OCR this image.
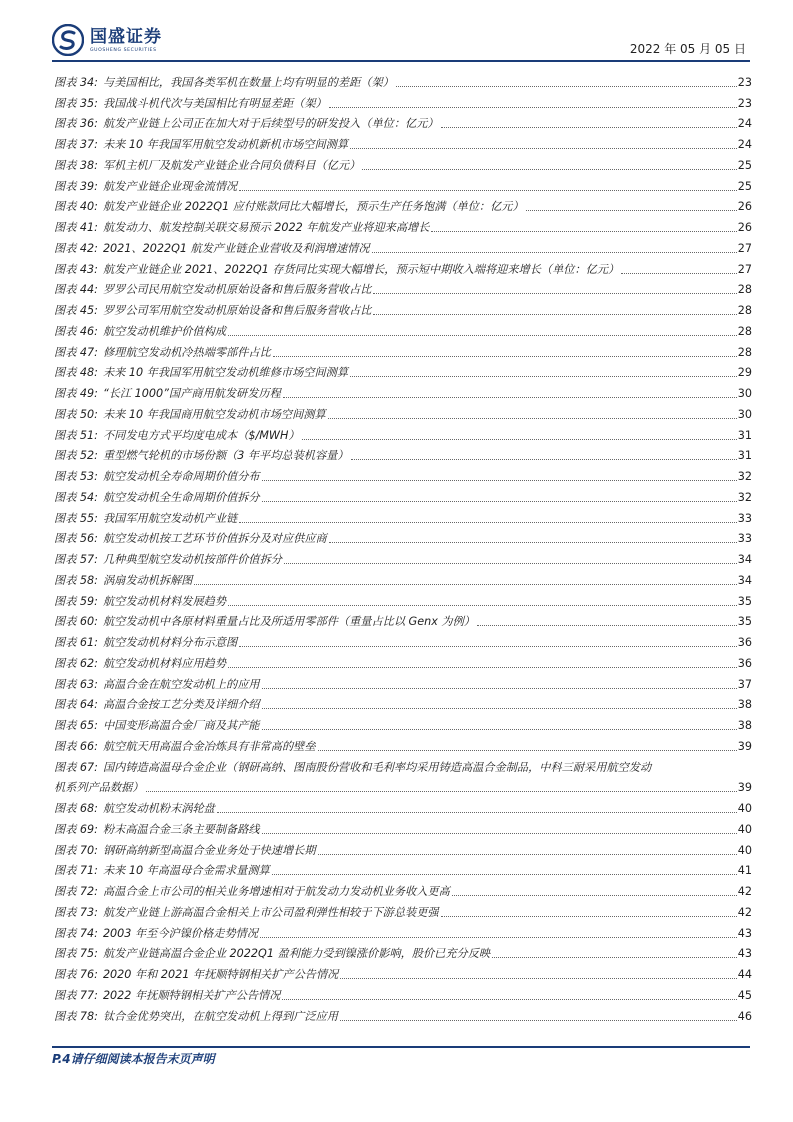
国盛证券
GUOSHENG SECURITIES	2022 年 05 月 05 日
图表 34: 与美国相比，我国各类军机在数量上均有明显的差距（架）	23
图表 35: 我国战斗机代次与美国相比有明显差距（架）	23
图表 36: 航发产业链上公司正在加大对于后续型号的研发投入（单位：亿元）	24
图表 37: 未来 10 年我国军用航空发动机新机市场空间测算	24
图表 38: 军机主机厂及航发产业链企业合同负债科目（亿元）	25
图表 39: 航发产业链企业现金流情况	25
图表 40: 航发产业链企业 2022Q1 应付账款同比大幅增长，预示生产任务饱满（单位：亿元）	26
图表 41: 航发动力、航发控制关联交易预示 2022 年航发产业将迎来高增长	26
图表 42: 2021、2022Q1 航发产业链企业营收及利润增速情况	27
图表 43: 航发产业链企业 2021、2022Q1 存货同比实现大幅增长，预示短中期收入端将迎来增长（单位：亿元）	27
图表 44: 罗罗公司民用航空发动机原始设备和售后服务营收占比	28
图表 45: 罗罗公司军用航空发动机原始设备和售后服务营收占比	28
图表 46: 航空发动机维护价值构成	28
图表 47: 修理航空发动机冷热端零部件占比	28
图表 48: 未来 10 年我国军用航空发动机维修市场空间测算	29
图表 49: “长江 1000”国产商用航发研发历程	30
图表 50: 未来 10 年我国商用航空发动机市场空间测算	30
图表 51: 不同发电方式平均度电成本（$/MWH）	31
图表 52: 重型燃气轮机的市场份额（3 年平均总装机容量）	31
图表 53: 航空发动机全寿命周期价值分布	32
图表 54: 航空发动机全生命周期价值拆分	32
图表 55: 我国军用航空发动机产业链	33
图表 56: 航空发动机按工艺环节价值拆分及对应供应商	33
图表 57: 几种典型航空发动机按部件价值拆分	34
图表 58: 涡扇发动机拆解图	34
图表 59: 航空发动机材料发展趋势	35
图表 60: 航空发动机中各原材料重量占比及所适用零部件（重量占比以 Genx 为例）	35
图表 61: 航空发动机材料分布示意图	36
图表 62: 航空发动机材料应用趋势	36
图表 63: 高温合金在航空发动机上的应用	37
图表 64: 高温合金按工艺分类及详细介绍	38
图表 65: 中国变形高温合金厂商及其产能	38
图表 66: 航空航天用高温合金冶炼具有非常高的壁垒	39
图表 67: 国内铸造高温母合金企业（钢研高纳、图南股份营收和毛利率均采用铸造高温合金制品，中科三耐采用航空发动
机系列产品数据）	39
图表 68: 航空发动机粉末涡轮盘	40
图表 69: 粉末高温合金三条主要制备路线	40
图表 70: 钢研高纳新型高温合金业务处于快速增长期	40
图表 71: 未来 10 年高温母合金需求量测算	41
图表 72: 高温合金上市公司的相关业务增速相对于航发动力发动机业务收入更高	42
图表 73: 航发产业链上游高温合金相关上市公司盈利弹性相较于下游总装更强	42
图表 74: 2003 年至今沪镍价格走势情况	43
图表 75: 航发产业链高温合金企业 2022Q1 盈利能力受到镍涨价影响，股价已充分反映	43
图表 76: 2020 年和 2021 年抚顺特钢相关扩产公告情况	44
图表 77: 2022 年抚顺特钢相关扩产公告情况	45
图表 78: 钛合金优势突出，在航空发动机上得到广泛应用	46
P.4请仔细阅读本报告末页声明
